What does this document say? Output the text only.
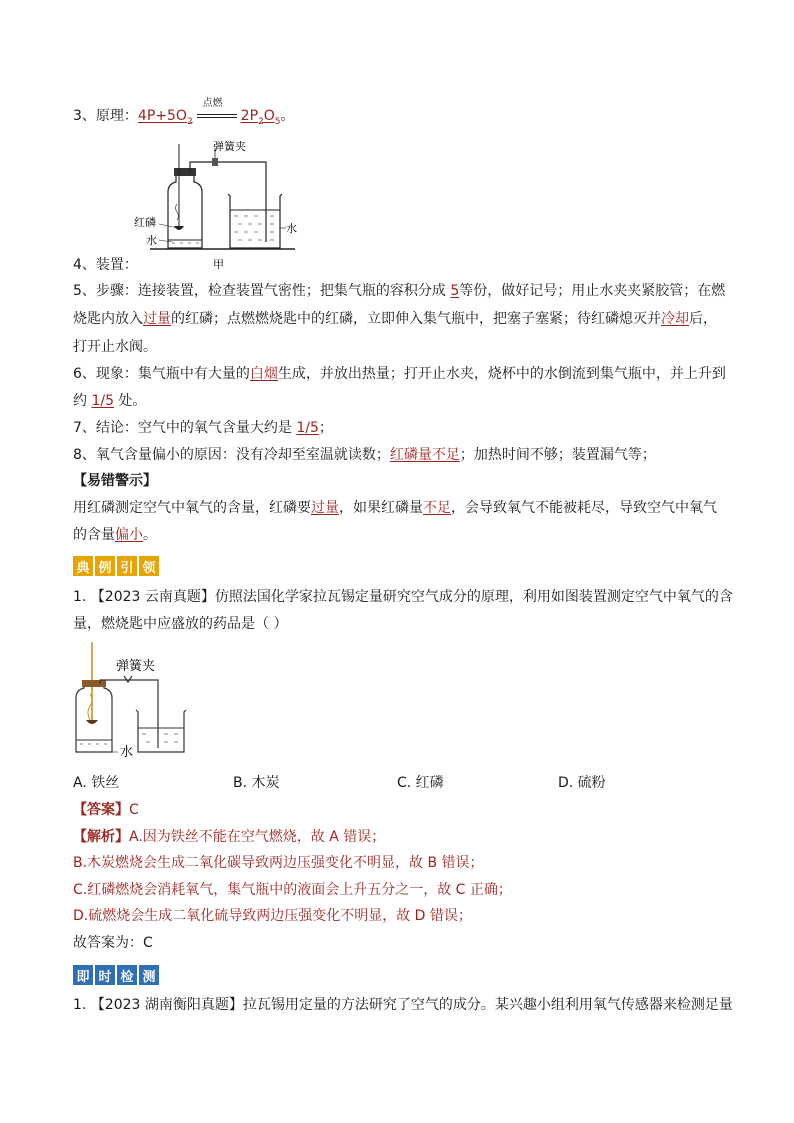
3、原理：$4P+5O_2$
点燃
$2P_2O_5$。
弹簧夹
红磷
水
水
甲
4、装置：
5、步骤：连接装置，检查装置气密性；把集气瓶的容积分成 5等份，做好记号；用止水夹夹紧胶管；在燃
烧匙内放入过量的红磷；点燃燃烧匙中的红磷，立即伸入集气瓶中，把塞子塞紧；待红磷熄灭并冷却后，
打开止水阀。
6、现象：集气瓶中有大量的白烟生成，并放出热量；打开止水夹，烧杯中的水倒流到集气瓶中，并上升到
约 1/5 处。
7、结论：空气中的氧气含量大约是 1/5；
8、氧气含量偏小的原因：没有冷却至室温就读数；红磷量不足；加热时间不够；装置漏气等；
【易错警示】
用红磷测定空气中氧气的含量，红磷要过量，如果红磷量不足，会导致氧气不能被耗尽，导致空气中氧气
的含量偏小。
典 例 引 领
1. 【2023 云南真题】仿照法国化学家拉瓦锡定量研究空气成分的原理，利用如图装置测定空气中氧气的含
量，燃烧匙中应盛放的药品是（ ）
弹簧夹
水
A. 铁丝	B. 木炭	C. 红磷	D. 硫粉
【答案】C
【解析】A.因为铁丝不能在空气燃烧，故 A 错误；
B.木炭燃烧会生成二氧化碳导致两边压强变化不明显，故 B 错误；
C.红磷燃烧会消耗氧气，集气瓶中的液面会上升五分之一，故 C 正确；
D.硫燃烧会生成二氧化硫导致两边压强变化不明显，故 D 错误；
故答案为：C
即 时 检 测
1. 【2023 湖南衡阳真题】拉瓦锡用定量的方法研究了空气的成分。某兴趣小组利用氧气传感器来检测足量
